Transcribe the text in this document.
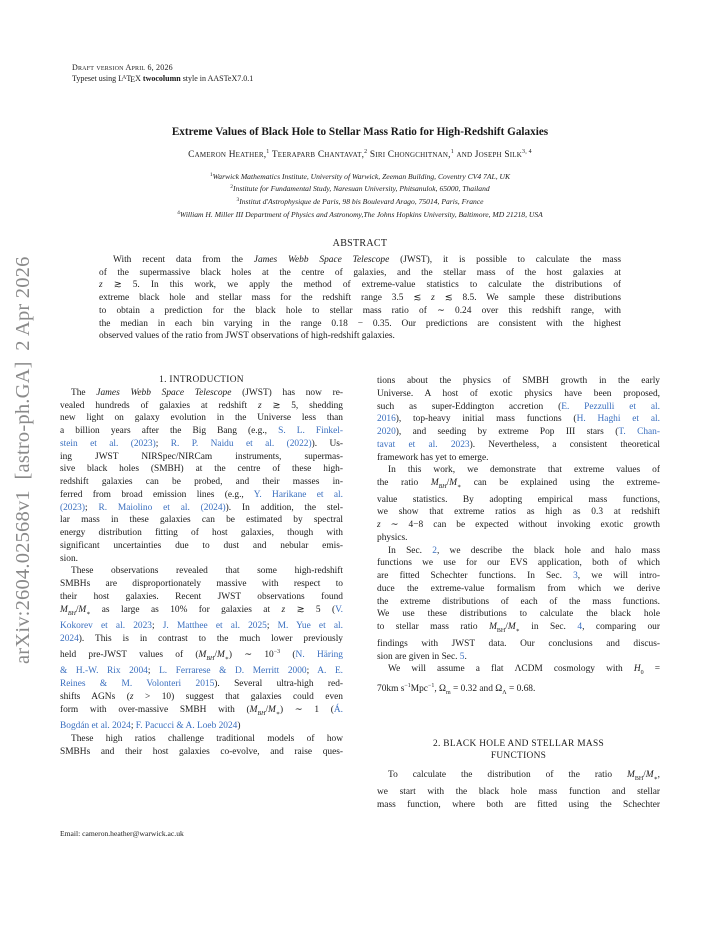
Draft version April 6, 2026
Typeset using $L^ATEX$ twocolumn style in AASTeX7.0.1
arXiv:2604.02568v1  [astro-ph.GA]  2 Apr 2026
Extreme Values of Black Hole to Stellar Mass Ratio for High-Redshift Galaxies
Cameron Heather,$^1$ Teeraparb Chantavat,$^2$ Siri Chongchitnan,$^1$ and Joseph Silk$^{3, 4}$
$^1$Warwick Mathematics Institute, University of Warwick, Zeeman Building, Coventry CV4 7AL, UK
$^2$Institute for Fundamental Study, Naresuan University, Phitsanulok, 65000, Thailand
$^3$Institut d'Astrophysique de Paris, 98 bis Boulevard Arago, 75014, Paris, France
$^4$William H. Miller III Department of Physics and Astronomy,The Johns Hopkins University, Baltimore, MD 21218, USA
ABSTRACT
With recent data from the James Webb Space Telescope (JWST), it is possible to calculate the mass
of the supermassive black holes at the centre of galaxies, and the stellar mass of the host galaxies at
z ≳ 5. In this work, we apply the method of extreme-value statistics to calculate the distributions of
extreme black hole and stellar mass for the redshift range 3.5 ≲ z ≲ 8.5. We sample these distributions
to obtain a prediction for the black hole to stellar mass ratio of ∼ 0.24 over this redshift range, with
the median in each bin varying in the range 0.18 − 0.35. Our predictions are consistent with the highest
observed values of the ratio from JWST observations of high-redshift galaxies.
1. INTRODUCTION
The James Webb Space Telescope (JWST) has now re-
vealed hundreds of galaxies at redshift z ≳ 5, shedding
new light on galaxy evolution in the Universe less than
a billion years after the Big Bang (e.g., S. L. Finkel-
stein et al. (2023); R. P. Naidu et al. (2022)). Us-
ing JWST NIRSpec/NIRCam instruments, supermas-
sive black holes (SMBH) at the centre of these high-
redshift galaxies can be probed, and their masses in-
ferred from broad emission lines (e.g., Y. Harikane et al.
(2023); R. Maiolino et al. (2024)). In addition, the stel-
lar mass in these galaxies can be estimated by spectral
energy distribution fitting of host galaxies, though with
significant uncertainties due to dust and nebular emis-
sion.
These observations revealed that some high-redshift
SMBHs are disproportionately massive with respect to
their host galaxies. Recent JWST observations found
$M_{BH}/M_∗$ as large as 10% for galaxies at z ≳ 5 (V.
Kokorev et al. 2023; J. Matthee et al. 2025; M. Yue et al.
2024). This is in contrast to the much lower previously
held pre-JWST values of $(M_{BH}/M_∗)$ ∼ $10^{-3}$ (N. Häring
& H.-W. Rix 2004; L. Ferrarese & D. Merritt 2000; A. E.
Reines & M. Volonteri 2015). Several ultra-high red-
shifts AGNs (z > 10) suggest that galaxies could even
form with over-massive SMBH with $(M_{BH}/M_∗)$ ∼ 1 (Á.
Bogdán et al. 2024; F. Pacucci & A. Loeb 2024)
These high ratios challenge traditional models of how
SMBHs and their host galaxies co-evolve, and raise ques-
tions about the physics of SMBH growth in the early
Universe. A host of exotic physics have been proposed,
such as super-Eddington accretion (E. Pezzulli et al.
2016), top-heavy initial mass functions (H. Haghi et al.
2020), and seeding by extreme Pop III stars (T. Chan-
tavat et al. 2023). Nevertheless, a consistent theoretical
framework has yet to emerge.
In this work, we demonstrate that extreme values of
the ratio $M_{BH}/M_∗$ can be explained using the extreme-
value statistics. By adopting empirical mass functions,
we show that extreme ratios as high as 0.3 at redshift
z ∼ 4−8 can be expected without invoking exotic growth
physics.
In Sec. 2, we describe the black hole and halo mass
functions we use for our EVS application, both of which
are fitted Schechter functions. In Sec. 3, we will intro-
duce the extreme-value formalism from which we derive
the extreme distributions of each of the mass functions.
We use these distributions to calculate the black hole
to stellar mass ratio $M_{BH}/M_∗$ in Sec. 4, comparing our
findings with JWST data. Our conclusions and discus-
sion are given in Sec. 5.
We will assume a flat ΛCDM cosmology with $H_0$ =
70km $s^{-1}Mpc^{-1}$, $\Omega_m = 0.32$ and $\Omega_\Lambda = 0.68$.
2. BLACK HOLE AND STELLAR MASS
FUNCTIONS
To calculate the distribution of the ratio $M_{BH}/M_∗$,
we start with the black hole mass function and stellar
mass function, where both are fitted using the Schechter
Email: cameron.heather@warwick.ac.uk
